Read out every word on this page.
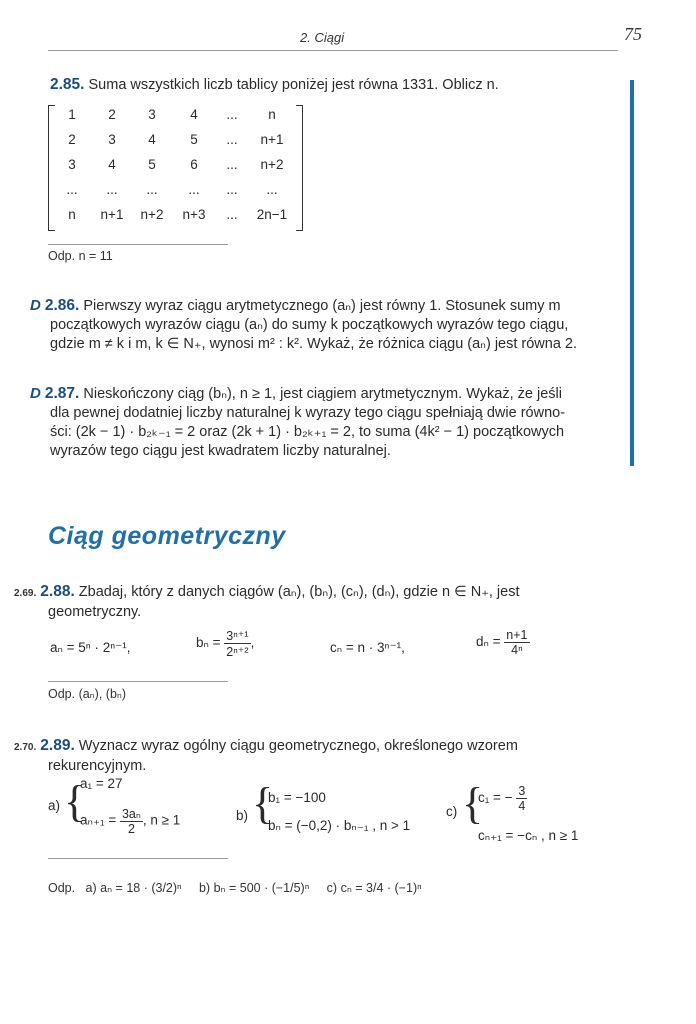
2. Ciągi	75
2.85. Suma wszystkich liczb tablicy poniżej jest równa 1331. Oblicz n.
1	2	3	4	...	n
2	3	4	5	...	n+1
3	4	5	6	...	n+2
...	...	...	...	...	...
n	n+1	n+2	n+3	...	2n−1
Odp. n = 11
D 2.86. Pierwszy wyraz ciągu arytmetycznego (aₙ) jest równy 1. Stosunek sumy m
początkowych wyrazów ciągu (aₙ) do sumy k początkowych wyrazów tego ciągu,
gdzie m ≠ k i m, k ∈ N₊, wynosi m² : k². Wykaż, że różnica ciągu (aₙ) jest równa 2.
D 2.87. Nieskończony ciąg (bₙ), n ≥ 1, jest ciągiem arytmetycznym. Wykaż, że jeśli
dla pewnej dodatniej liczby naturalnej k wyrazy tego ciągu spełniają dwie równo-
ści: (2k − 1) · b₂ₖ₋₁ = 2 oraz (2k + 1) · b₂ₖ₊₁ = 2, to suma (4k² − 1) początkowych
wyrazów tego ciągu jest kwadratem liczby naturalnej.
Ciąg geometryczny
2.69. 2.88. Zbadaj, który z danych ciągów (aₙ), (bₙ), (cₙ), (dₙ), gdzie n ∈ N₊, jest
geometryczny.
aₙ = 5ⁿ · 2ⁿ⁻¹,	$b_n = \frac{\text{3ⁿ⁺¹}}{\text{2ⁿ⁺²}}$ ,	cₙ = n · 3ⁿ⁻¹,	$d_n = \frac{n+1}{\text{4ⁿ}}$
Odp. (aₙ), (bₙ)
2.70. 2.89. Wyznacz wyraz ogólny ciągu geometrycznego, określonego wzorem
rekurencyjnym.
a) {
a₁ = 27
$a_{n+1} = \frac{\text{3aₙ}}{2}$ , n ≥ 1	b) {
b₁ = −100
bₙ = (−0,2) · bₙ₋₁ , n > 1
c) {
c₁ = − $\frac{3}{4}$
cₙ₊₁ = −cₙ , n ≥ 1
Odp. a) aₙ = 18 · (3/2)ⁿ b) bₙ = 500 · (−1/5)ⁿ c) cₙ = 3/4 · (−1)ⁿ
